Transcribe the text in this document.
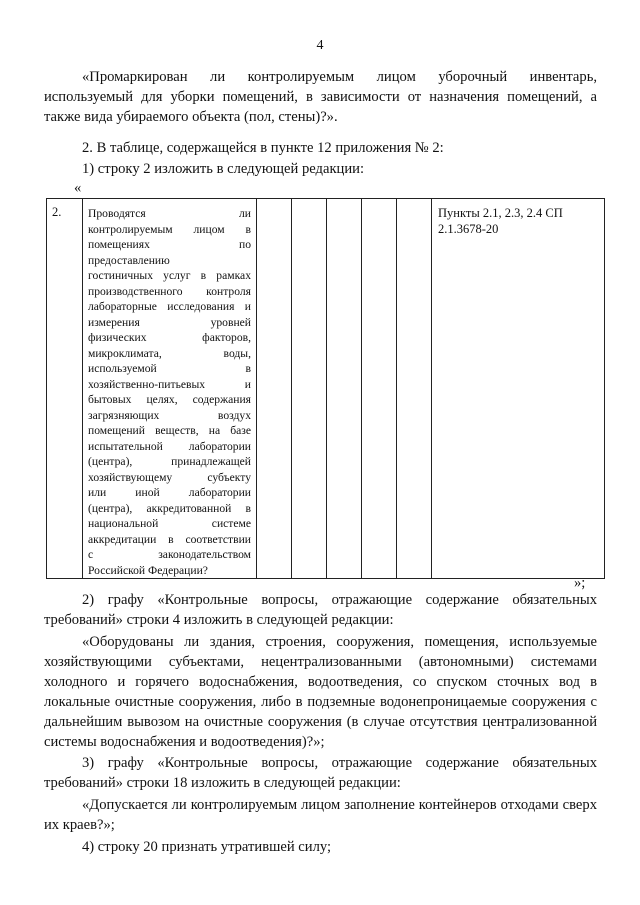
4
«Промаркирован ли контролируемым лицом уборочный инвентарь,
используемый для уборки помещений, в зависимости от назначения помещений, а также вида убираемого объекта (пол, стены)?».

2. В таблице, содержащейся в пункте 12 приложения № 2:

1) строку 2 изложить в следующей редакции:

«
2.	Проводятся ли
контролируемым лицом в
помещениях по
предоставлению
гостиничных услуг в рамках
производственного контроля
лабораторные исследования и
измерения уровней
физических факторов,
микроклимата, воды,
используемой в
хозяйственно-питьевых и
бытовых целях, содержания
загрязняющих воздух
помещений веществ, на базе
испытательной лаборатории
(центра), принадлежащей
хозяйствующему субъекту
или иной лаборатории
(центра), аккредитованной в
национальной системе
аккредитации в соответствии
с законодательством
Российской Федерации?
						Пункты 2.1, 2.3, 2.4 СП 2.1.3678-20
»;
2) графу «Контрольные вопросы, отражающие содержание обязательных
требований» строки 4 изложить в следующей редакции:

«Оборудованы ли здания, строения, сооружения, помещения, используемые хозяйствующими субъектами, нецентрализованными (автономными) системами холодного и горячего водоснабжения, водоотведения, со спуском сточных вод в локальные очистные сооружения, либо в подземные водонепроницаемые сооружения с дальнейшим вывозом на очистные сооружения (в случае отсутствия централизованной системы водоснабжения и водоотведения)?»;

3) графу «Контрольные вопросы, отражающие содержание обязательных
требований» строки 18 изложить в следующей редакции:

«Допускается ли контролируемым лицом заполнение контейнеров отходами сверх их краев?»;

4) строку 20 признать утратившей силу;
